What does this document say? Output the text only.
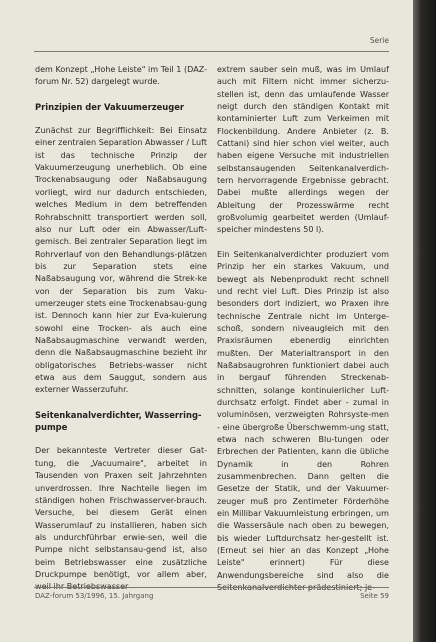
Serie

dem Konzept „Hohe Leiste" im Teil 1 (DAZ-forum Nr. 52) dargelegt wurde.

Prinzipien der Vakuumerzeuger

Zunächst zur Begrifflichkeit: Bei Einsatz einer zentralen Separation Abwasser / Luft ist das technische Prinzip der Vakuumerzeugung unerheblich. Ob eine Trockenabsaugung oder Naßabsaugung vorliegt, wird nur dadurch entschieden, welches Medium in dem betreffenden Rohrabschnitt transportiert werden soll, also nur Luft oder ein Abwasser/Luft-gemisch. Bei zentraler Separation liegt im Rohrverlauf von den Behandlungs-plätzen bis zur Separation stets eine Naßabsaugung vor, während die Strek-ke von der Separation bis zum Vaku-umerzeuger stets eine Trockenabsau-gung ist. Dennoch kann hier zur Eva-kuierung sowohl eine Trocken- als auch eine Naßabsaugmaschine verwandt werden, denn die Naßabsaugmaschine bezieht ihr obligatorisches Betriebs-wasser nicht etwa aus dem Sauggut, sondern aus externer Wasserzufuhr.

Seitenkanalverdichter, Wasserring-pumpe

Der bekannteste Vertreter dieser Gat-tung, die „Vacuumaire", arbeitet in Tausenden von Praxen seit Jahrzehnten unverdrossen. Ihre Nachteile liegen im ständigen hohen Frischwasserver-brauch. Versuche, bei diesem Gerät einen Wasserumlauf zu installieren, haben sich als undurchführbar erwie-sen, weil die Pumpe nicht selbstansau-gend ist, also beim Betriebswasser eine zusätzliche Druckpumpe benötigt, vor allem aber,

extrem sauber sein muß, was im Umlauf auch mit Filtern nicht immer sicherzu-stellen ist, denn das umlaufende Wasser neigt durch den ständigen Kontakt mit kontaminierter Luft zum Verkeimen mit Flockenbildung. Andere Anbieter (z. B. Cattani) sind hier schon viel weiter, auch haben eigene Versuche mit industriellen selbstansaugenden Seitenkanalverdich-tern hervorragende Ergebnisse gebracht. Dabei mußte allerdings wegen der Ableitung der Prozesswärme recht großvolumig gearbeitet werden (Umlauf-speicher mindestens 50 l).

Ein Seitenkanalverdichter produziert vom Prinzip her ein starkes Vakuum, und bewegt als Nebenprodukt recht schnell und recht viel Luft. Dies Prinzip ist also besonders dort indiziert, wo Praxen ihre technische Zentrale nicht im Unterge-schoß, sondern niveaugleich mit den Praxisräumen ebenerdig einrichten mußten. Der Materialtransport in den Naßabsaugrohren funktioniert dabei auch in bergauf führenden Streckenab-schnitten, solange kontinuierlicher Luft-durchsatz erfolgt. Findet aber - zumal in voluminösen, verzweigten Rohrsyste-men - eine übergroße Überschwemm-ung statt, etwa nach schweren Blu-tungen oder Erbrechen der Patienten, kann die übliche Dynamik in den Rohren zusammenbrechen. Dann gelten die Gesetze der Statik, und der Vakuumer-zeuger muß pro Zentimeter Förderhöhe ein Millibar Vakuumleistung erbringen, um die Wassersäule nach oben zu bewegen, bis wieder Luftdurchsatz her-gestellt ist. (Erneut sei hier an das Konzept „Hohe Leiste" erinnert) Für diese Anwendungsbereiche sind also die

DAZ-forum 53/1996, 15. Jahrgang	Seite 59
